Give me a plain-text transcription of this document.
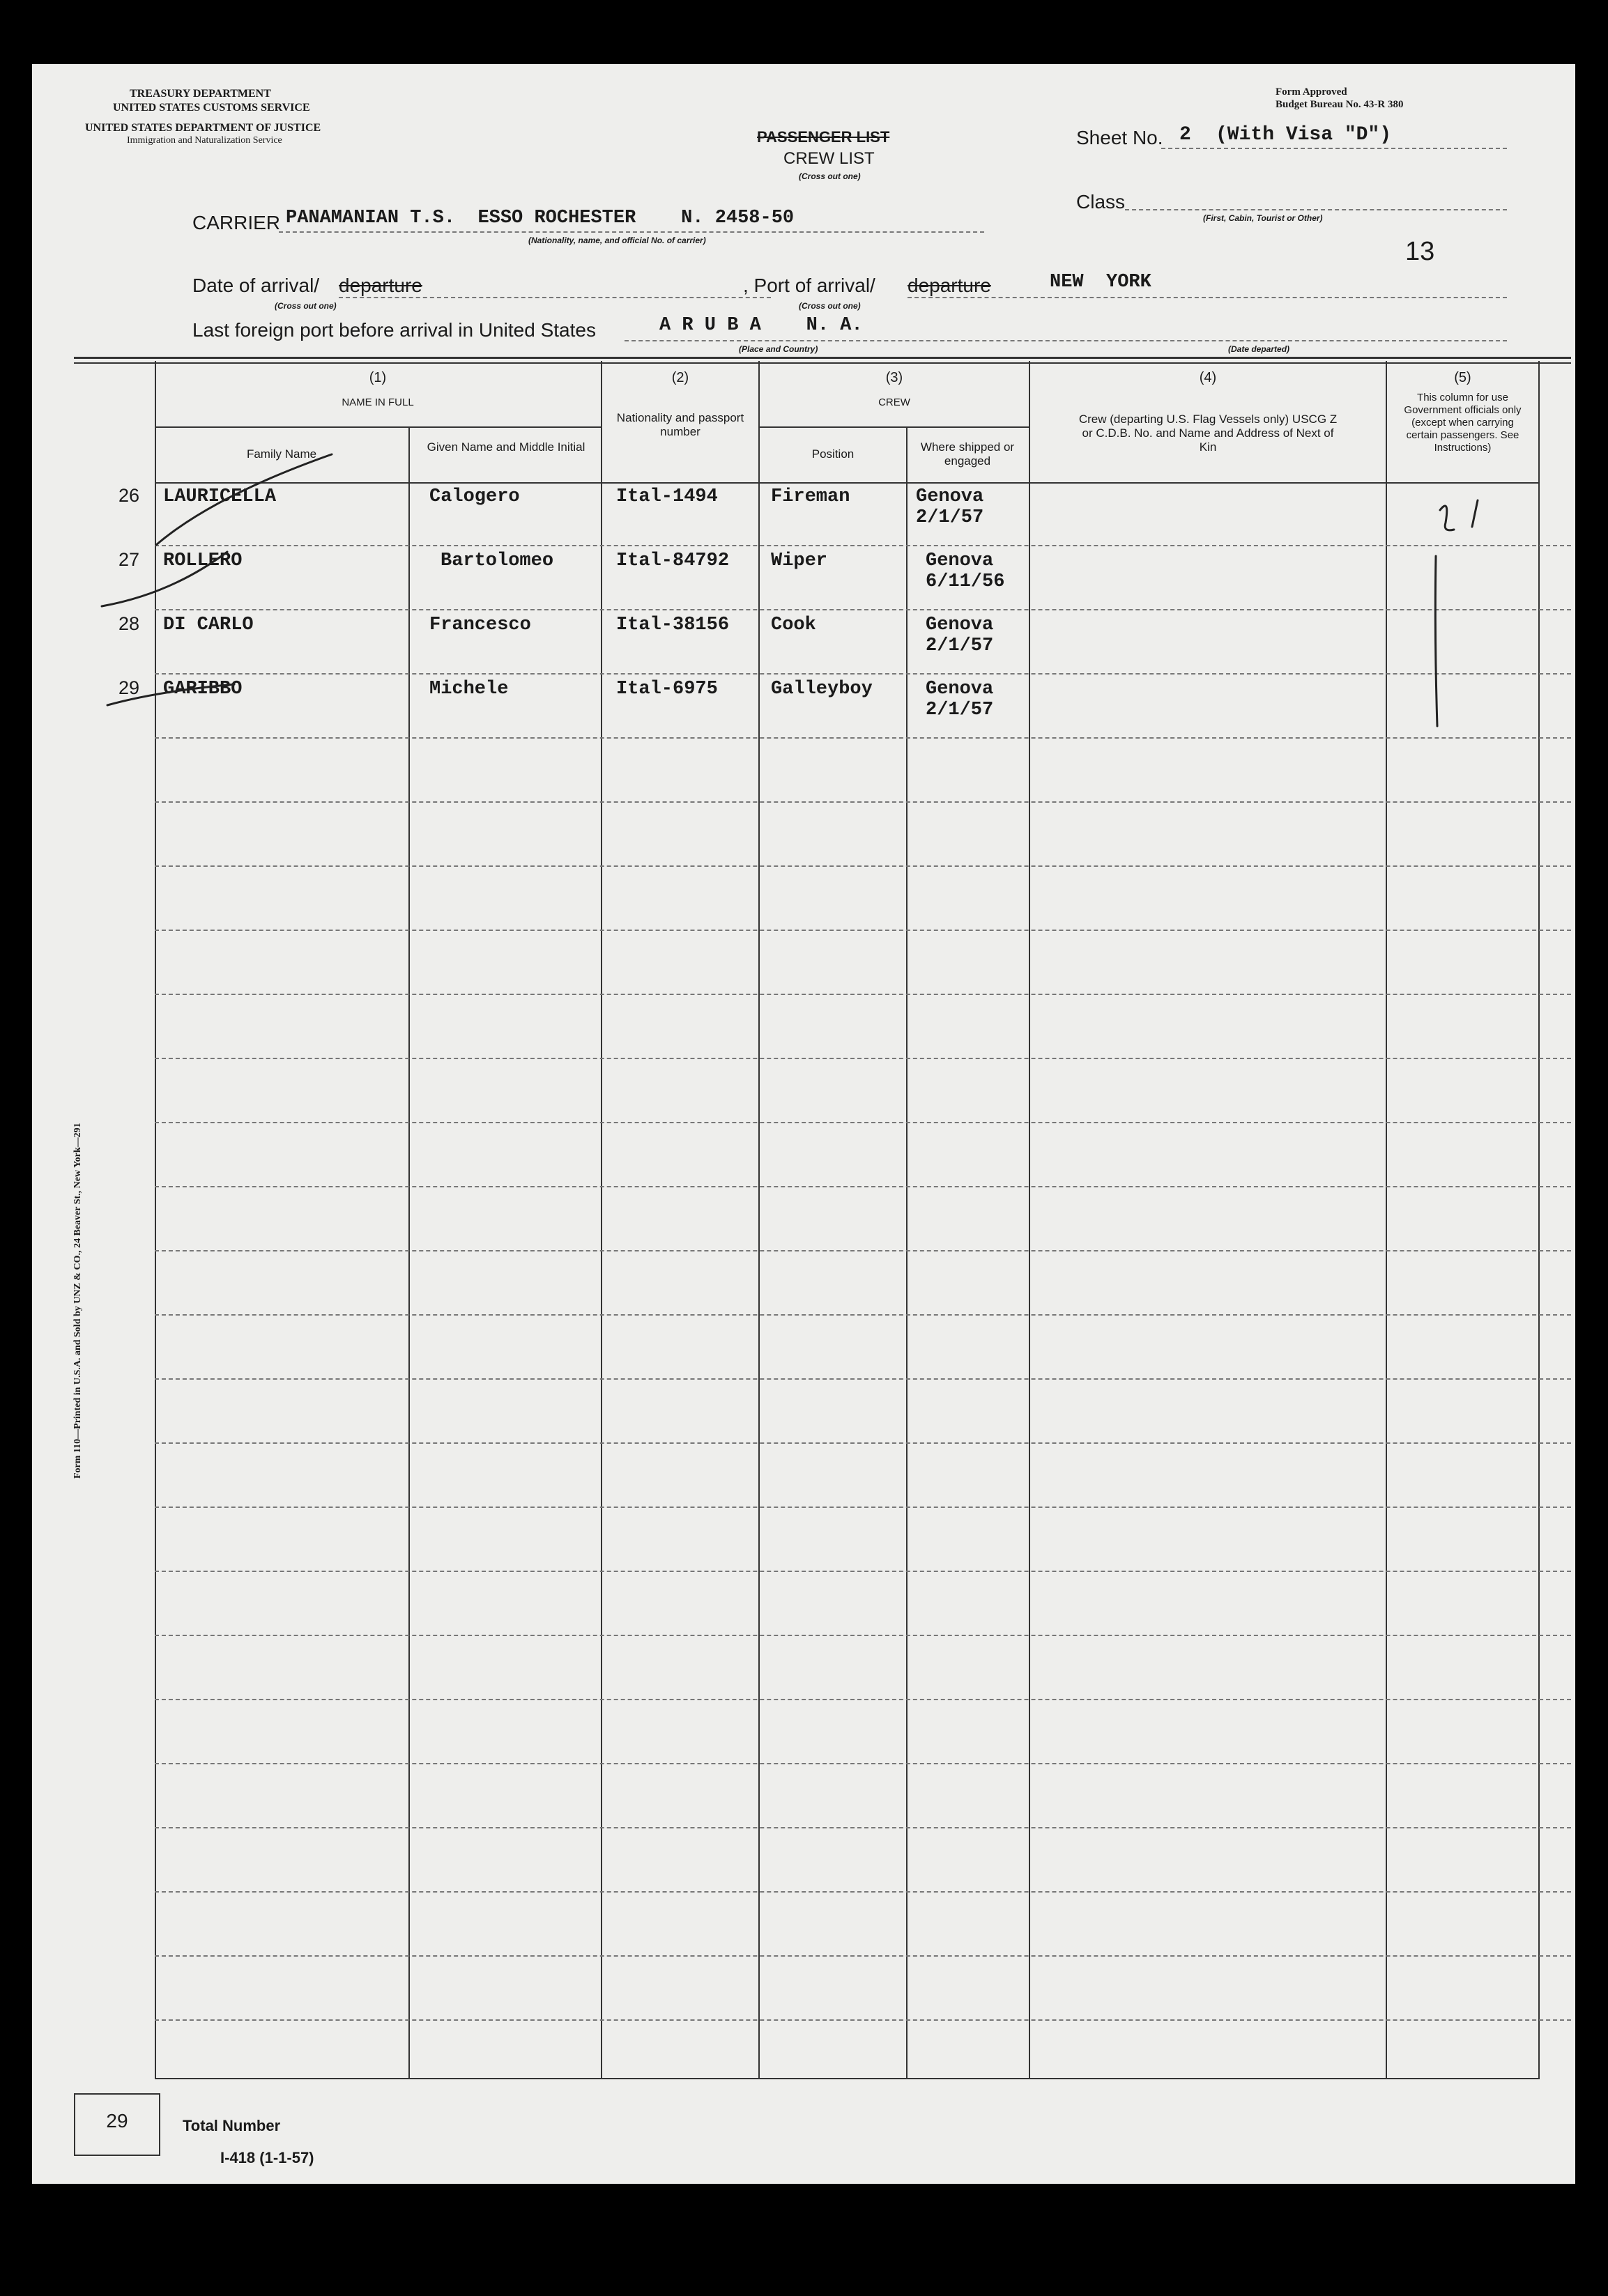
TREASURY DEPARTMENT
UNITED STATES CUSTOMS SERVICE
UNITED STATES DEPARTMENT OF JUSTICE
Immigration and Naturalization Service
Form Approved
Budget Bureau No. 43-R 380
PASSENGER LIST
CREW LIST
(Cross out one)
Sheet No. 2 (With Visa "D")
Class
(First, Cabin, Tourist or Other)
13
CARRIER PANAMANIAN T.S.  ESSO ROCHESTER    N. 2458-50
(Nationality, name, and official No. of carrier)
Date of arrival/ departure
(Cross out one)
, Port of arrival/ departure	NEW  YORK
(Cross out one)
Last foreign port before arrival in United States	A R U B A    N. A.
(Place and Country)	(Date departed)
(1)
NAME IN FULL
Family Name
Given Name and Middle Initial
(2)
Nationality and passport number
(3)
CREW
Position
Where shipped or engaged
(4)
Crew (departing U.S. Flag Vessels only) USCG Z or C.D.B. No. and Name and Address of Next of Kin
(5)
This column for use Government officials only (except when carrying certain passengers. See Instructions)
26 LAURICELLA	Calogero	Ital-1494	Fireman	Genova
2/1/57
27 ROLLERO	Bartolomeo	Ital-84792 Wiper	Genova
6/11/56
28 DI CARLO	Francesco	Ital-38156 Cook	Genova
2/1/57
29 GARIBBO	Michele	Ital-6975	Galleyboy	Genova
2/1/57
29	Total Number
I-418 (1-1-57)
Form 110—Printed in U.S.A. and Sold by UNZ & CO., 24 Beaver St., New York—291
